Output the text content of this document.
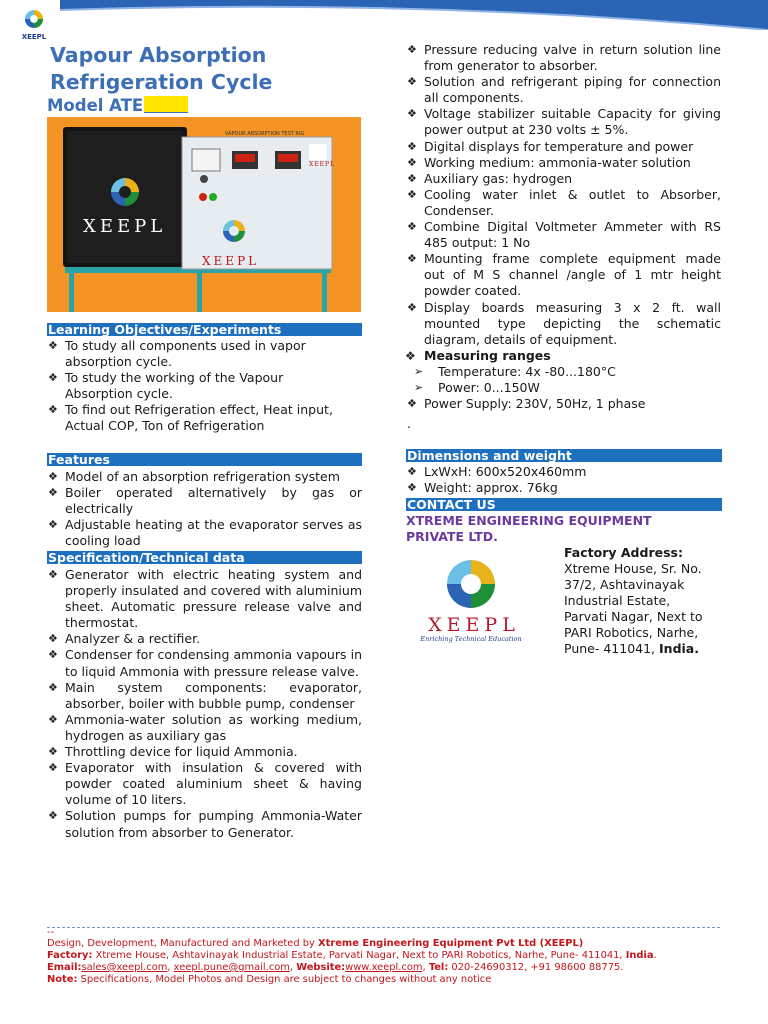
XEEPL
Vapour Absorption
Refrigeration Cycle
Model ATE
VAPOUR ABSORPTION TEST RIG
XEEPL
XEEPL
XEEPL
Learning Objectives/Experiments
❖ To study all components used in vapor absorption cycle.
❖ To study the working of the Vapour Absorption cycle.
❖ To find out Refrigeration effect, Heat input, Actual COP, Ton of Refrigeration
Features
❖ Model of an absorption refrigeration system
❖ Boiler operated alternatively by gas or electrically
❖ Adjustable heating at the evaporator serves as cooling load
Specification/Technical data
❖ Generator with electric heating system and properly insulated and covered with aluminium sheet. Automatic pressure release valve and thermostat.
❖ Analyzer & a rectifier.
❖ Condenser for condensing ammonia vapours in to liquid Ammonia with pressure release valve.
❖ Main system components: evaporator, absorber, boiler with bubble pump, condenser
❖ Ammonia-water solution as working medium, hydrogen as auxiliary gas
❖ Throttling device for liquid Ammonia.
❖ Evaporator with insulation & covered with powder coated aluminium sheet & having volume of 10 liters.
❖ Solution pumps for pumping Ammonia-Water solution from absorber to Generator.
❖ Pressure reducing valve in return solution line from generator to absorber.
❖ Solution and refrigerant piping for connection all components.
❖ Voltage stabilizer suitable Capacity for giving power output at 230 volts ± 5%.
❖ Digital displays for temperature and power
❖ Working medium: ammonia-water solution
❖ Auxiliary gas: hydrogen
❖ Cooling water inlet & outlet to Absorber, Condenser.
❖ Combine Digital Voltmeter Ammeter with RS 485 output: 1 No
❖ Mounting frame complete equipment made out of M S channel /angle of 1 mtr height powder coated.
❖ Display boards measuring 3 x 2 ft. wall mounted type depicting the schematic diagram, details of equipment.
❖ Measuring ranges
➢ Temperature: 4x -80...180°C
➢ Power: 0...150W
❖ Power Supply: 230V, 50Hz, 1 phase
.
Dimensions and weight
❖ LxWxH: 600x520x460mm
❖ Weight: approx. 76kg
CONTACT US
XTREME ENGINEERING EQUIPMENT
PRIVATE LTD.
XEEPL
Enriching Technical Education
Factory Address:
Xtreme House, Sr. No.
37/2, Ashtavinayak
Industrial Estate,
Parvati Nagar, Next to
PARI Robotics, Narhe,
Pune- 411041, India.
--
Design, Development, Manufactured and Marketed by Xtreme Engineering Equipment Pvt Ltd (XEEPL)
Factory: Xtreme House, Ashtavinayak Industrial Estate, Parvati Nagar, Next to PARI Robotics, Narhe, Pune- 411041, India.
Email:sales@xeepl.com, xeepl.pune@gmail.com, Website:www.xeepl.com, Tel: 020-24690312, +91 98600 88775.
Note: Specifications, Model Photos and Design are subject to changes without any notice
